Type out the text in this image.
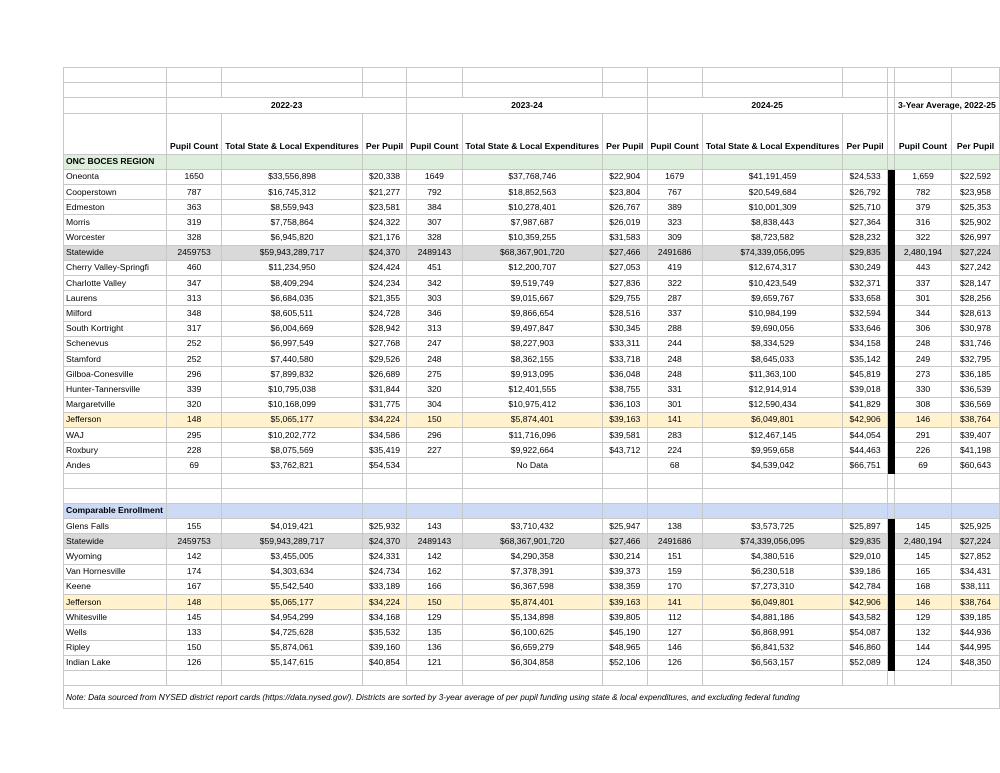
	2022-23			2023-24			2024-25				3-Year Average, 2022-25	
	Pupil Count	Total State & Local Expenditures	Per Pupil	Pupil Count	Total State & Local Expenditures	Per Pupil	Pupil Count	Total State & Local Expenditures	Per Pupil		Pupil Count	Per Pupil
ONC BOCES REGION												
Oneonta	1650	$33,556,898	$20,338	1649	$37,768,746	$22,904	1679	$41,191,459	$24,533		1,659	$22,592
Cooperstown	787	$16,745,312	$21,277	792	$18,852,563	$23,804	767	$20,549,684	$26,792		782	$23,958
Edmeston	363	$8,559,943	$23,581	384	$10,278,401	$26,767	389	$10,001,309	$25,710		379	$25,353
Morris	319	$7,758,864	$24,322	307	$7,987,687	$26,019	323	$8,838,443	$27,364		316	$25,902
Worcester	328	$6,945,820	$21,176	328	$10,359,255	$31,583	309	$8,723,582	$28,232		322	$26,997
Statewide	2459753	$59,943,289,717	$24,370	2489143	$68,367,901,720	$27,466	2491686	$74,339,056,095	$29,835		2,480,194	$27,224
Cherry Valley-Springfi	460	$11,234,950	$24,424	451	$12,200,707	$27,053	419	$12,674,317	$30,249		443	$27,242
Charlotte Valley	347	$8,409,294	$24,234	342	$9,519,749	$27,836	322	$10,423,549	$32,371		337	$28,147
Laurens	313	$6,684,035	$21,355	303	$9,015,667	$29,755	287	$9,659,767	$33,658		301	$28,256
Milford	348	$8,605,511	$24,728	346	$9,866,654	$28,516	337	$10,984,199	$32,594		344	$28,613
South Kortright	317	$6,004,669	$28,942	313	$9,497,847	$30,345	288	$9,690,056	$33,646		306	$30,978
Schenevus	252	$6,997,549	$27,768	247	$8,227,903	$33,311	244	$8,334,529	$34,158		248	$31,746
Stamford	252	$7,440,580	$29,526	248	$8,362,155	$33,718	248	$8,645,033	$35,142		249	$32,795
Gilboa-Conesville	296	$7,899,832	$26,689	275	$9,913,095	$36,048	248	$11,363,100	$45,819		273	$36,185
Hunter-Tannersville	339	$10,795,038	$31,844	320	$12,401,555	$38,755	331	$12,914,914	$39,018		330	$36,539
Margaretville	320	$10,168,099	$31,775	304	$10,975,412	$36,103	301	$12,590,434	$41,829		308	$36,569
Jefferson	148	$5,065,177	$34,224	150	$5,874,401	$39,163	141	$6,049,801	$42,906		146	$38,764
WAJ	295	$10,202,772	$34,586	296	$11,716,096	$39,581	283	$12,467,145	$44,054		291	$39,407
Roxbury	228	$8,075,569	$35,419	227	$9,922,664	$43,712	224	$9,959,658	$44,463		226	$41,198
Andes	69	$3,762,821	$54,534		No Data		68	$4,539,042	$66,751		69	$60,643

Comparable Enrollment												
Glens Falls	155	$4,019,421	$25,932	143	$3,710,432	$25,947	138	$3,573,725	$25,897		145	$25,925
Statewide	2459753	$59,943,289,717	$24,370	2489143	$68,367,901,720	$27,466	2491686	$74,339,056,095	$29,835		2,480,194	$27,224
Wyoming	142	$3,455,005	$24,331	142	$4,290,358	$30,214	151	$4,380,516	$29,010		145	$27,852
Van Hornesville	174	$4,303,634	$24,734	162	$7,378,391	$39,373	159	$6,230,518	$39,186		165	$34,431
Keene	167	$5,542,540	$33,189	166	$6,367,598	$38,359	170	$7,273,310	$42,784		168	$38,111
Jefferson	148	$5,065,177	$34,224	150	$5,874,401	$39,163	141	$6,049,801	$42,906		146	$38,764
Whitesville	145	$4,954,299	$34,168	129	$5,134,898	$39,805	112	$4,881,186	$43,582		129	$39,185
Wells	133	$4,725,628	$35,532	135	$6,100,625	$45,190	127	$6,868,991	$54,087		132	$44,936
Ripley	150	$5,874,061	$39,160	136	$6,659,279	$48,965	146	$6,841,532	$46,860		144	$44,995
Indian Lake	126	$5,147,615	$40,854	121	$6,304,858	$52,106	126	$6,563,157	$52,089		124	$48,350

Note: Data sourced from NYSED district report cards (https://data.nysed.gov/). Districts are sorted by 3-year average of per pupil funding using state & local expenditures, and excluding federal funding												
